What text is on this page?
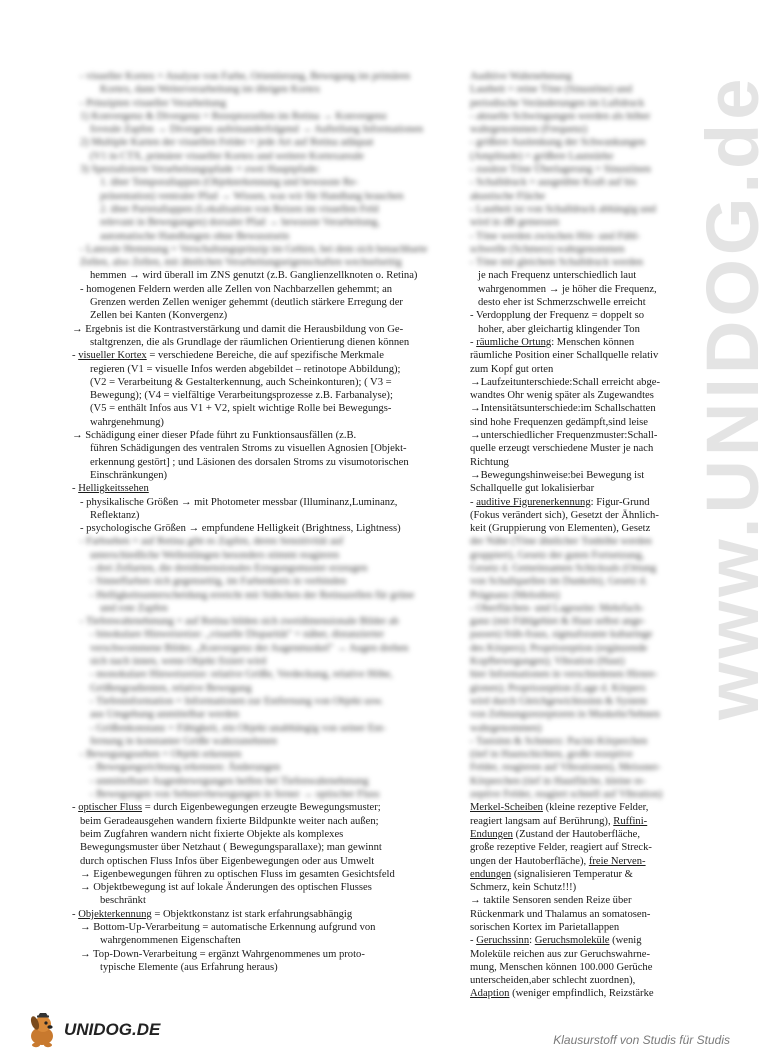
www.UNIDOG.de
- visueller Kortex = Analyse von Farbe, Orientierung, Bewegung im primären
Kortex, dann Weiterverarbeitung im übrigen Kortex
- Prinzipien visueller Verarbeitung
1) Konvergenz & Divergenz = Rezeptorzellen im Retina → Konvergenz
foveale Zapfen → Divergenz aufeinanderfolgend → Aufteilung Informationen
2) Multiple Karten der visuellen Felder = jede Art auf Retina adäquat
(V1 in CTX, primärer visueller Kortex und weitere Kortexareale
3) Spezialisierte Verarbeitungspfade = zwei Hauptpfade:
1. über Temporallappen (Objekterkennung und bewusste Re-
präsentation) ventraler Pfad → Wissen, was wir für Handlung brauchen
2. über Parietallappen (Lokalisation von Reizen im visuellen Feld
relevant in Bewegungen) dorsaler Pfad → bewusste Verarbeitung,
automatische Handlungen ohne Bewusstsein
- Laterale Hemmung = Verschaltungsprinzip im Gehirn, bei dem sich benachbarte
Zellen, also Zellen, mit ähnlichen Verarbeitungseigenschaften wechselseitig
hemmen → wird überall im ZNS genutzt (z.B. Ganglienzellknoten o. Retina)
- homogenen Feldern werden alle Zellen von Nachbarzellen gehemmt; an
Grenzen werden Zellen weniger gehemmt (deutlich stärkere Erregung der
Zellen bei Kanten (Konvergenz)
→ Ergebnis ist die Kontrastverstärkung und damit die Herausbildung von Ge-
staltgrenzen, die als Grundlage der räumlichen Orientierung dienen können
- visueller Kortex = verschiedene Bereiche, die auf spezifische Merkmale
regieren (V1 = visuelle Infos werden abgebildet – retinotope Abbildung);
(V2 = Verarbeitung & Gestalterkennung, auch Scheinkonturen); ( V3 =
Bewegung); (V4 = vielfältige Verarbeitungsprozesse z.B. Farbanalyse);
(V5 = enthält Infos aus V1 + V2, spielt wichtige Rolle bei Bewegungs-
wahrgenehmung)
→ Schädigung einer dieser Pfade führt zu Funktionsausfällen (z.B.
führen Schädigungen des ventralen Stroms zu visuellen Agnosien [Objekt-
erkennung gestört] ; und Läsionen des dorsalen Stroms zu visumotorischen
Einschränkungen)
- Helligkeitssehen
- physikalische Größen → mit Photometer messbar (Illuminanz,Luminanz,
Reflektanz)
- psychologische Größen → empfundene Helligkeit (Brightness, Lightness)
- Farbsehen = auf Retina gibt es Zapfen, deren Sensitivität auf
unterschiedliche Wellenlängen besonders stimmt reagieren
- drei Zellarten, die dreidimensionales Erregungsmuster erzeugen
- Sinneffarben sich gegenseitig, im Farbenkreis in verbinden
- Helligkeitsunterscheidung erreicht mit Stäbchen der Retinazellen für grüne
und rote Zapfen
- Tiefenwahrnehmung = auf Retina bilden sich zweidimensionale Bilder ab
- binokulare Hinweisreize: „visuelle Disparität" = näher, distanzierter
verschwommene Bilder, „Konvergenz der Augenmuskel" → Augen drehen
sich nach innen, wenn Objekt fixiert wird
- monokulare Hinweisreize: relative Größe, Verdeckung, relative Höhe,
Größengradienten, relative Bewegung
- Tiefeninformation = Informationen zur Entfernung von Objekt usw.
aus Umgebung unmittelbar werden
- Größenkonstanz = Fähigkeit, ein Objekt unabhängig von seiner Ent-
fernung in konstanter Größe wahrzunehmen
- Bewegungssehen = Objekt erkennen
- Bewegungsrichtung erkennen: Änderungen
- unmittelbare Augenbewegungen helfen bei Tiefenwahrnehmung
- Bewegungen von Sehnervbewegungen in ferner → optischer Fluss
- optischer Fluss = durch Eigenbewegungen erzeugte Bewegungsmuster;
beim Geradeausgehen wandern fixierte Bildpunkte weiter nach außen;
beim Zugfahren wandern nicht fixierte Objekte als komplexes
Bewegungsmuster über Netzhaut ( Bewegungsparallaxe); man gewinnt
durch optischen Fluss Infos über Eigenbewegungen oder aus Umwelt
→ Eigenbewegungen führen zu optischen Fluss im gesamten Gesichtsfeld
→ Objektbewegung ist auf lokale Änderungen des optischen Flusses
beschränkt
- Objekterkennung = Objektkonstanz ist stark erfahrungsabhängig
→ Bottom-Up-Verarbeitung = automatische Erkennung aufgrund von
wahrgenommenen Eigenschaften
→ Top-Down-Verarbeitung = ergänzt Wahrgenommenes um proto-
typische Elemente (aus Erfahrung heraus)
Auditive Wahrnehmung
Lautheit = reine Töne (Sinustöne) und
periodische Veränderungen im Luftdruck
- aktuelle Schwingungen werden als höher
wahrgenommen (Frequenz)
- größere Auslenkung der Schwankungen
(Amplitude) = größere Lautstärke
- zusätze Töne Überlagerung = Sinustönen
- Schalldruck = ausgeübte Kraft auf bis
akustische Fläche
- Lautheit ist von Schalldruck abhängig und
wird in dB gemessen
- Töne werden zwischen Hör- und Fühl-
schwelle (Schmerz) wahrgenommen
- Töne mit gleichem Schalldruck werden
je nach Frequenz unterschiedlich laut
wahrgenommen → je höher die Frequenz,
desto eher ist Schmerzschwelle erreicht
- Verdopplung der Frequenz = doppelt so
hoher, aber gleichartig klingender Ton
- räumliche Ortung: Menschen können
räumliche Position einer Schallquelle relativ
zum Kopf gut orten
→Laufzeitunterschiede:Schall erreicht abge-
wandtes Ohr wenig später als Zugewandtes
→Intensitätsunterschiede:im Schallschatten
sind hohe Frequenzen gedämpft,sind leise
→unterschiedlicher Frequenzmuster:Schall-
quelle erzeugt verschiedene Muster je nach
Richtung
→Bewegungshinweise:bei Bewegung ist
Schallquelle gut lokalisierbar
- auditive Figurenerkennung: Figur-Grund
(Fokus verändert sich), Gesetzt der Ähnlich-
keit (Gruppierung von Elementen), Gesetz
der Nähe (Töne ähnlicher Tonhöhe werden
gruppiert), Gesetz der guten Fortsetzung,
Gesetz d. Gemeinsamen Schicksals (Ortung
von Schallquellen im Dunkeln), Gesetz d.
Prägnanz (Melodien)
- Oberflächen- und Lageseite: Mehrfach-
ganz (mit Fühlgebiet & Haut selbst ange-
passen) früh-fraus, sigmaforante kubaringe
des Körpers); Propriozeption (ergänzende
Kopfbewegungen); Vibration (Haut)
hier Informationen in verschiedenen Hirnre-
gionen); Propriozeption (Lage d. Körpers
wird durch Gleichgewichtssinn & System
von Zehnungsrezeptoren in Muskeln/Sehnen
wahrgenommen)
- Tastsinn & Schmerz: Pacini-Körperchen
(tief in Hautschichten, große rezeptive
Felder, reagieren auf Vibrationen), Meissner-
Körperchen (tief in Hautfläche, kleine re-
zeptive Felder, reagiert schnell auf Vibration)
Merkel-Scheiben (kleine rezeptive Felder,
reagiert langsam auf Berührung), Ruffini-
Endungen (Zustand der Hautoberfläche,
große rezeptive Felder, reagiert auf Streck-
ungen der Hautoberfläche), freie Nerven-
endungen (signalisieren Temperatur &
Schmerz, kein Schutz!!!)
→ taktile Sensoren senden Reize über
Rückenmark und Thalamus an somatosen-
sorischen Kortex im Parietallappen
- Geruchssinn: Geruchsmoleküle (wenig
Moleküle reichen aus zur Geruchswahrne-
mung, Menschen können 100.000 Gerüche
unterscheiden,aber schlecht zuordnen),
Adaption (weniger empfindlich, Reizstärke
UNIDOG.DE
Klausurstoff von Studis für Studis
